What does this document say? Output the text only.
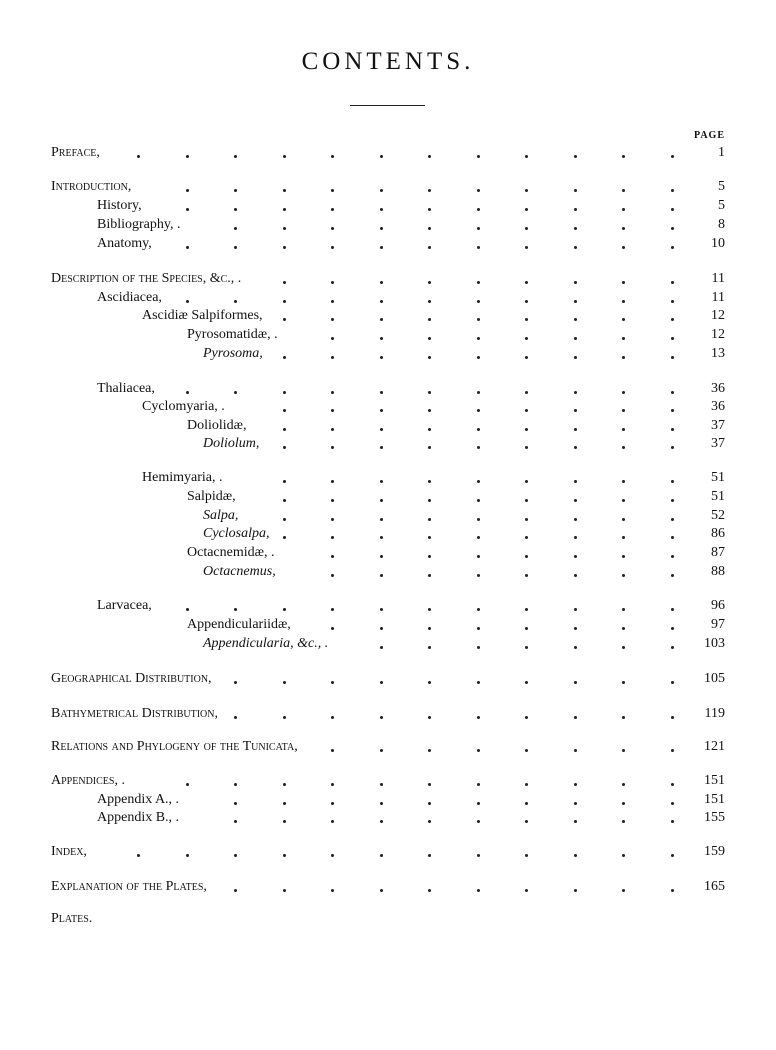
CONTENTS.
PAGE
Preface,	1
Introduction,	5
History,	5
Bibliography, .	8
Anatomy,	10
Description of the Species, &c., .	11
Ascidiacea,	11
Ascidiæ Salpiformes,	12
Pyrosomatidæ, .	12
Pyrosoma,	13
Thaliacea,	36
Cyclomyaria, .	36
Doliolidæ,	37
Doliolum,	37
Hemimyaria, .	51
Salpidæ,	51
Salpa,	52
Cyclosalpa,	86
Octacnemidæ, .	87
Octacnemus,	88
Larvacea,	96
Appendiculariidæ,	97
Appendicularia, &c., .	103
Geographical Distribution,	105
Bathymetrical Distribution,	119
Relations and Phylogeny of the Tunicata,	121
Appendices, .	151
Appendix A., .	151
Appendix B., .	155
Index,	159
Explanation of the Plates,	165
Plates.
